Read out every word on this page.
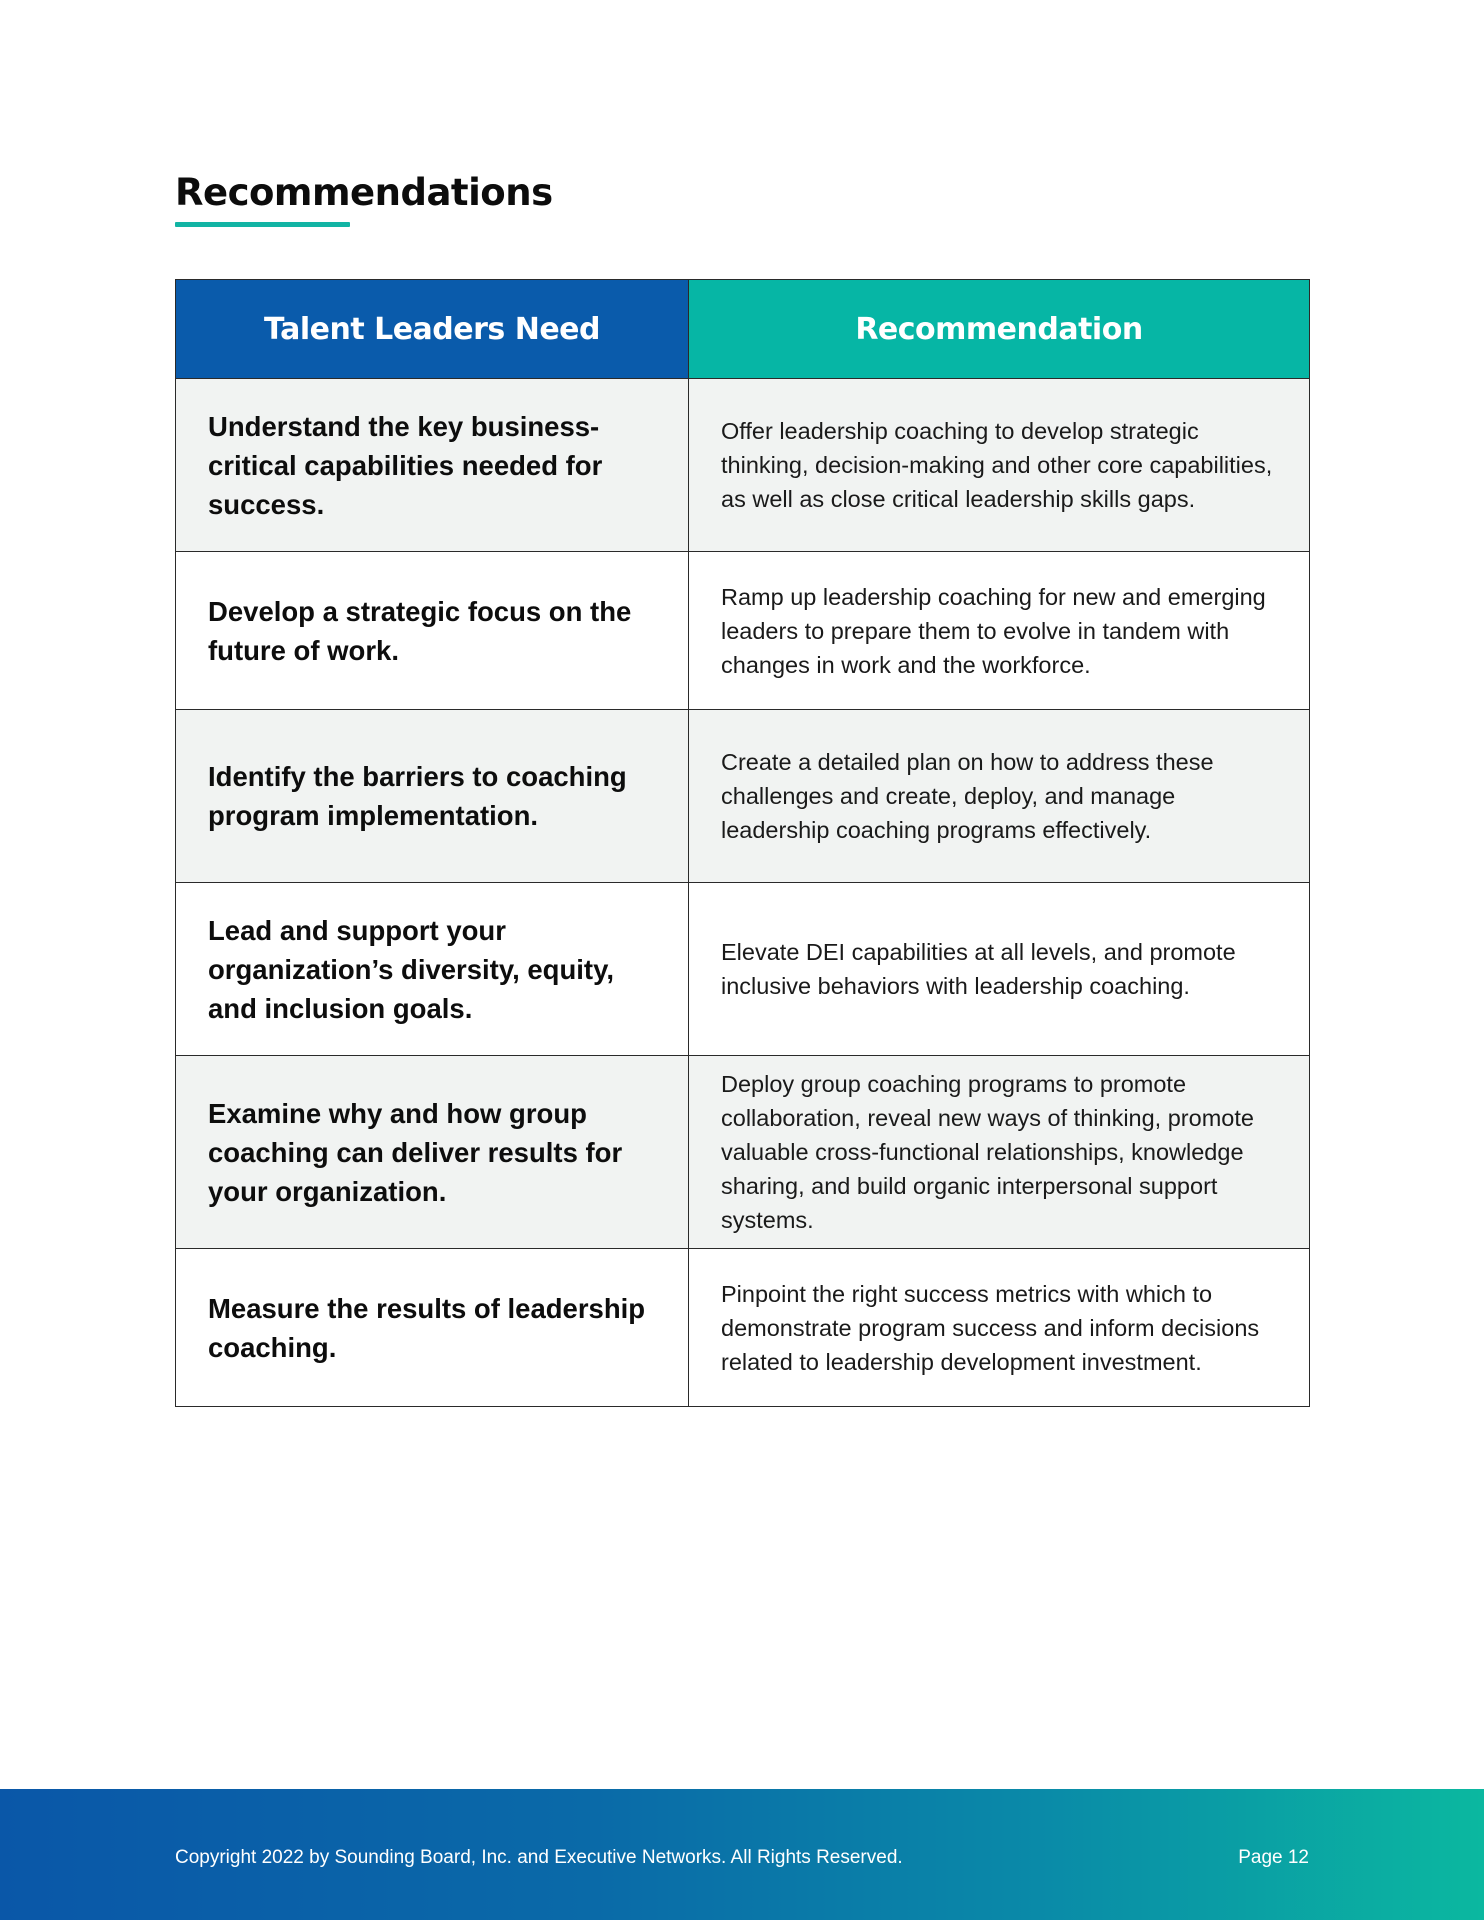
Recommendations
Talent Leaders Need	Recommendation
Understand the key business-critical capabilities needed for success.	Offer leadership coaching to develop strategic thinking, decision-making and other core capabilities, as well as close critical leadership skills gaps.
Develop a strategic focus on the future of work.	Ramp up leadership coaching for new and emerging leaders to prepare them to evolve in tandem with changes in work and the workforce.
Identify the barriers to coaching program implementation.	Create a detailed plan on how to address these challenges and create, deploy, and manage leadership coaching programs effectively.
Lead and support your organization’s diversity, equity, and inclusion goals.	Elevate DEI capabilities at all levels, and promote inclusive behaviors with leadership coaching.
Examine why and how group coaching can deliver results for your organization.	Deploy group coaching programs to promote collaboration, reveal new ways of thinking, promote valuable cross-functional relationships, knowledge sharing, and build organic interpersonal support systems.
Measure the results of leadership coaching.	Pinpoint the right success metrics with which to demonstrate program success and inform decisions related to leadership development investment.
Copyright 2022 by Sounding Board, Inc. and Executive Networks. All Rights Reserved.	Page 12
